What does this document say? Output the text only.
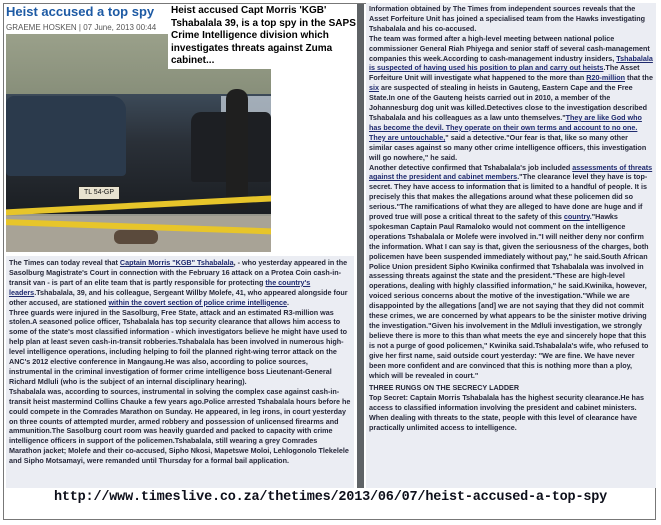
Heist accused a top spy
GRAEME HOSKEN | 07 June, 2013 00:44
TL 54-GP
Heist accused Capt Morris 'KGB' Tshabalala 39, is a top spy in the SAPS Crime Intelligence division which investigates threats against Zuma cabinet...
The Times can today reveal that Captain Morris "KGB" Tshabalala, - who yesterday appeared in the Sasolburg Magistrate's Court in connection with the February 16 attack on a Protea Coin cash-in-transit van - is part of an elite team that is partly responsible for protecting the country's leaders.Tshabalala, 39, and his colleague, Sergeant Willby Molefe, 41, who appeared alongside four other accused, are stationed within the covert section of police crime intelligence.
Three guards were injured in the Sasolburg, Free State, attack and an estimated R3-million was stolen.A seasoned police officer, Tshabalala has top security clearance that allows him access to some of the state's most classified information - which investigators believe he might have used to help plan at least seven cash-in-transit robberies.Tshabalala has been involved in numerous high-level intelligence operations, including helping to foil the planned right-wing terror attack on the ANC's 2012 elective conference in Mangaung.He was also, according to police sources, instrumental in the criminal investigation of former crime intelligence boss Lieutenant-General Richard Mdluli (who is the subject of an internal disciplinary hearing).
Tshabalala was, according to sources, instrumental in solving the complex case against cash-in-transit heist mastermind Collins Chauke a few years ago.Police arrested Tshabalala hours before he could compete in the Comrades Marathon on Sunday. He appeared, in leg irons, in court yesterday on three counts of attempted murder, armed robbery and possession of unlicensed firearms and ammunition.The Sasolburg court room was heavily guarded and packed to capacity with crime intelligence officers in support of the policemen.Tshabalala, still wearing a grey Comrades Marathon jacket; Molefe and their co-accused, Sipho Nkosi, Mapetswe Moloi, Lehlogonolo Tlekelele and Sipho Motsamayi, were remanded until Thursday for a formal bail application.
Information obtained by The Times from independent sources reveals that the Asset Forfeiture Unit has joined a specialised team from the Hawks investigating Tshabalala and his co-accused.
The team was formed after a high-level meeting between national police commissioner General Riah Phiyega and senior staff of several cash-management companies this week.According to cash-management industry insiders, Tshabalala is suspected of having used his position to plan and carry out heists.The Asset Forfeiture Unit will investigate what happened to the more than R20-million that the six are suspected of stealing in heists in Gauteng, Eastern Cape and the Free State.In one of the Gauteng heists carried out in 2010, a member of the Johannesburg dog unit was killed.Detectives close to the investigation described Tshabalala and his colleagues as a law unto themselves."They are like God who has become the devil. They operate on their own terms and account to no one. They are untouchable," said a detective."Our fear is that, like so many other similar cases against so many other crime intelligence officers, this investigation will go nowhere," he said.
Another detective confirmed that Tshabalala's job included assessments of threats against the president and cabinet members."The clearance level they have is top-secret. They have access to information that is limited to a handful of people. It is precisely this that makes the allegations around what these policemen did so serious."The ramifications of what they are alleged to have done are huge and if proved true will pose a critical threat to the safety of this country."Hawks spokesman Captain Paul Ramaloko would not comment on the intelligence operations Tshabalala or Molefe were involved in."I will neither deny nor confirm the information. What I can say is that, given the seriousness of the charges, both policemen have been suspended immediately without pay," he said.South African Police Union president Sipho Kwinika confirmed that Tshabalala was involved in assessing threats against the state and the president."These are high-level operations, dealing with highly classified information," he said.Kwinika, however, voiced serious concerns about the motive of the investigation."While we are disappointed by the allegations [and] we are not saying that they did not commit these crimes, we are concerned by what appears to be the sinister motive driving the investigation."Given his involvement in the Mdluli investigation, we strongly believe there is more to this than what meets the eye and sincerely hope that this is not a purge of good policemen," Kwinika said.Tshabalala's wife, who refused to give her first name, said outside court yesterday: "We are fine. We have never been more confident and are convinced that this is nothing more than a ploy, which will be revealed in court."
THREE RUNGS ON THE SECRECY LADDER
Top Secret: Captain Morris Tshabalala has the highest security clearance.He has access to classified information involving the president and cabinet ministers. When dealing with threats to the state, people with this level of clearance have practically unlimited access to intelligence.
http://www.timeslive.co.za/thetimes/2013/06/07/heist-accused-a-top-spy
